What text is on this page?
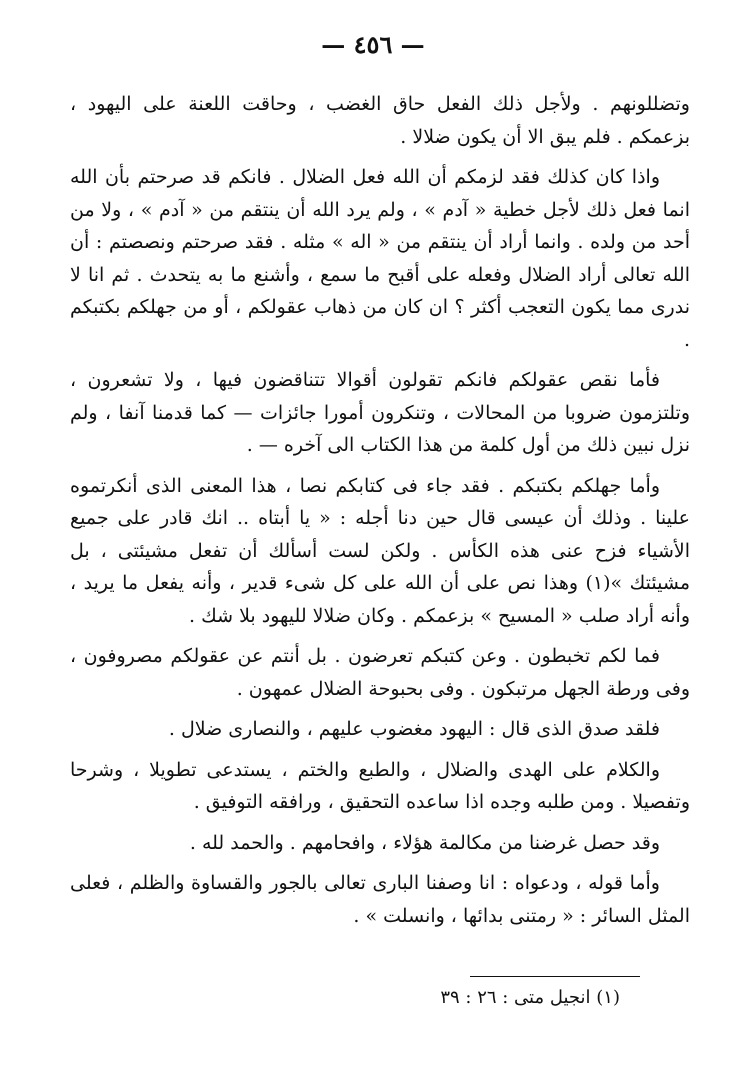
— ٤٥٦ —

وتضللونهم . ولأجل ذلك الفعل حاق الغضب ، وحاقت اللعنة على اليهود ، بزعمكم . فلم يبق الا أن يكون ضلالا .

واذا كان كذلك فقد لزمكم أن الله فعل الضلال . فانكم قد صرحتم بأن الله انما فعل ذلك لأجل خطية « آدم » ، ولم يرد الله أن ينتقم من « آدم » ، ولا من أحد من ولده . وانما أراد أن ينتقم من « اله » مثله . فقد صرحتم ونصصتم : أن الله تعالى أراد الضلال وفعله على أقبح ما سمع ، وأشنع ما به يتحدث . ثم انا لا ندرى مما يكون التعجب أكثر ؟ ان كان من ذهاب عقولكم ، أو من جهلكم بكتبكم .

فأما نقص عقولكم فانكم تقولون أقوالا تتناقضون فيها ، ولا تشعرون ، وتلتزمون ضروبا من المحالات ، وتنكرون أمورا جائزات — كما قدمنا آنفا ، ولم نزل نبين ذلك من أول كلمة من هذا الكتاب الى آخره — .

وأما جهلكم بكتبكم . فقد جاء فى كتابكم نصا ، هذا المعنى الذى أنكرتموه علينا . وذلك أن عيسى قال حين دنا أجله : « يا أبتاه .. انك قادر على جميع الأشياء فزح عنى هذه الكأس . ولكن لست أسألك أن تفعل مشيئتى ، بل مشيئتك »(١) وهذا نص على أن الله على كل شىء قدير ، وأنه يفعل ما يريد ، وأنه أراد صلب « المسيح » بزعمكم . وكان ضلالا لليهود بلا شك .

فما لكم تخبطون . وعن كتبكم تعرضون . بل أنتم عن عقولكم مصروفون ، وفى ورطة الجهل مرتبكون . وفى بحبوحة الضلال عمهون .

فلقد صدق الذى قال : اليهود مغضوب عليهم ، والنصارى ضلال .

والكلام على الهدى والضلال ، والطبع والختم ، يستدعى تطويلا ، وشرحا وتفصيلا . ومن طلبه وجده اذا ساعده التحقيق ، ورافقه التوفيق .

وقد حصل غرضنا من مكالمة هؤلاء ، وافحامهم . والحمد لله .

وأما قوله ، ودعواه : انا وصفنا البارى تعالى بالجور والقساوة والظلم ، فعلى المثل السائر : « رمتنى بدائها ، وانسلت » .

(١) انجيل متى : ٢٦ : ٣٩
